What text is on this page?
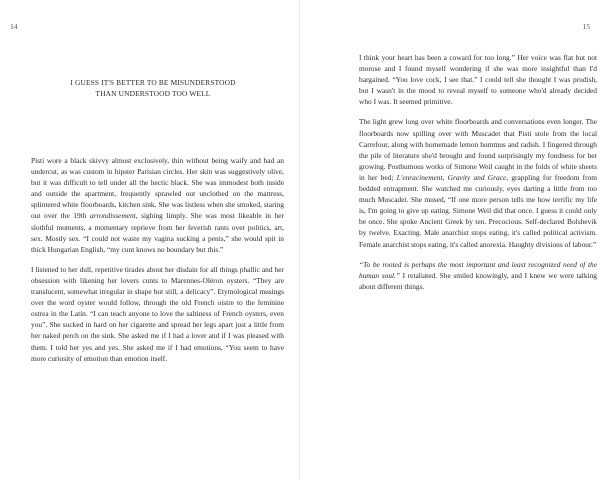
14
I GUESS IT'S BETTER TO BE MISUNDERSTOOD
THAN UNDERSTOOD TOO WELL

Pisti wore a black skivvy almost exclusively, thin without being waify and had an undercut, as was custom in hipster Parisian circles. Her skin was suggestively olive, but it was difficult to tell under all the hectic black. She was immodest both inside and outside the apartment, frequently sprawled out unclothed on the mattress, splintered white floorboards, kitchen sink. She was listless when she smoked, staring out over the 19th arrondissement, sighing limply. She was most likeable in her slothful moments, a momentary reprieve from her feverish rants over politics, art, sex. Mostly sex. “I could not waste my vagina sucking a penis,” she would spit in thick Hungarian English, “my cunt knows no boundary but this.”

I listened to her dull, repetitive tirades about her disdain for all things phallic and her obsession with likening her lovers cunts to Marennes-Oléron oysters. “They are translucent, somewhat irregular in shape but still, a delicacy”. Etymological musings over the word oyster would follow, through the old French oistre to the feminine ostrea in the Latin. “I can teach anyone to love the saltiness of French oysters, even you”. She sucked in hard on her cigarette and spread her legs apart just a little from her naked perch on the sink. She asked me if I had a lover and if I was pleased with them. I told her yes and yes. She asked me if I had emotions, “You seem to have more curiosity of emotion than emotion itself.

15

I think your heart has been a coward for too long.” Her voice was flat but not morose and I found myself wondering if she was more insightful than I'd bargained. “You love cock, I see that.” I could tell she thought I was prudish, but I wasn't in the mood to reveal myself to someone who'd already decided who I was. It seemed primitive.

The light grew long over white floorboards and conversations even longer. The floorboards now spilling over with Muscadet that Pisti stole from the local Carrefour, along with homemade lemon hummus and radish. I fingered through the pile of literature she'd brought and found surprisingly my fondness for her growing. Posthumous works of Simone Weil caught in the folds of white sheets in her bed; L'enracinement, Gravity and Grace, grappling for freedom from bedded entrapment. She watched me curiously, eyes darting a little from too much Muscadet. She mused, “If one more person tells me how terrific my life is, I'm going to give up eating. Simone Weil did that once. I guess it could only be once. She spoke Ancient Greek by ten. Precocious. Self-declared Bolshevik by twelve. Exacting. Male anarchist stops eating, it's called political activism. Female anarchist stops eating, it's called anorexia. Haughty divisions of labour.”

“To be rooted is perhaps the most important and least recognized need of the human soul.” I retaliated. She smiled knowingly, and I knew we were talking about different things.
